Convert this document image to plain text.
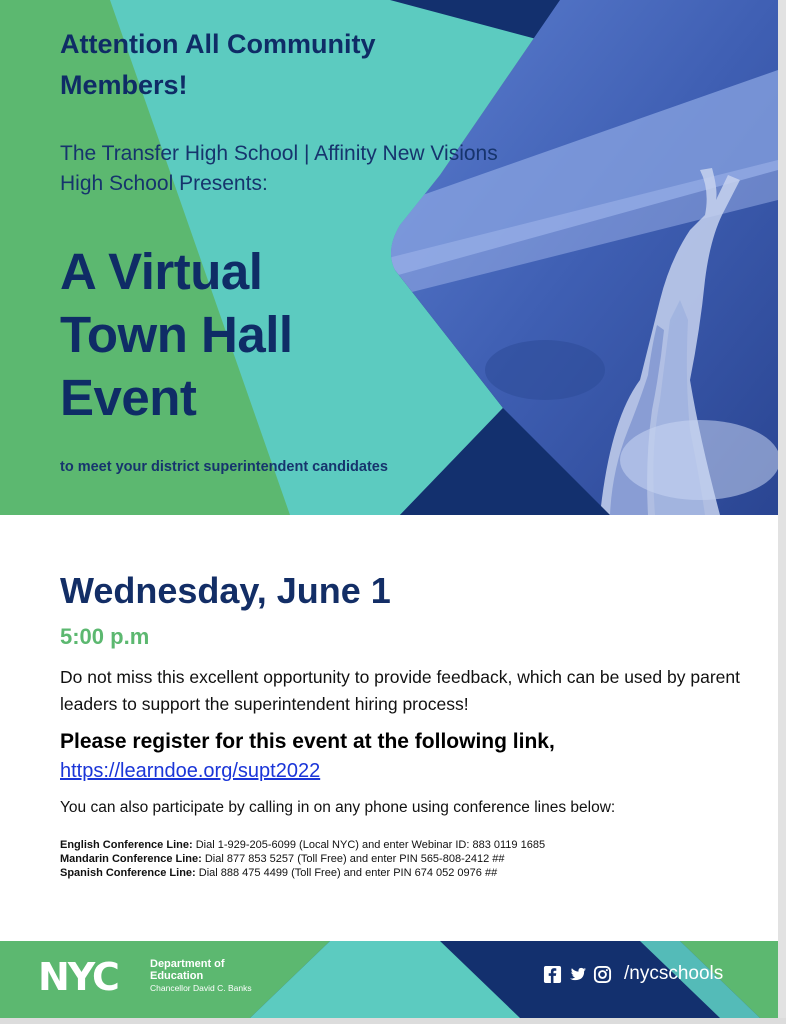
Attention All Community Members!
The Transfer High School | Affinity New Visions High School Presents:
A Virtual
Town Hall
Event
to meet your district superintendent candidates
Wednesday, June 1
5:00 p.m
Do not miss this excellent opportunity to provide feedback, which can be used by parent leaders to support the superintendent hiring process!
Please register for this event at the following link,
https://learndoe.org/supt2022
You can also participate by calling in on any phone using conference lines below:
English Conference Line: Dial 1-929-205-6099 (Local NYC) and enter Webinar ID: 883 0119 1685
Mandarin Conference Line: Dial 877 853 5257 (Toll Free) and enter PIN 565-808-2412 ##
Spanish Conference Line: Dial 888 475 4499 (Toll Free) and enter PIN 674 052 0976 ##
NYC	Department of
Education
Chancellor David C. Banks
/nycschools
